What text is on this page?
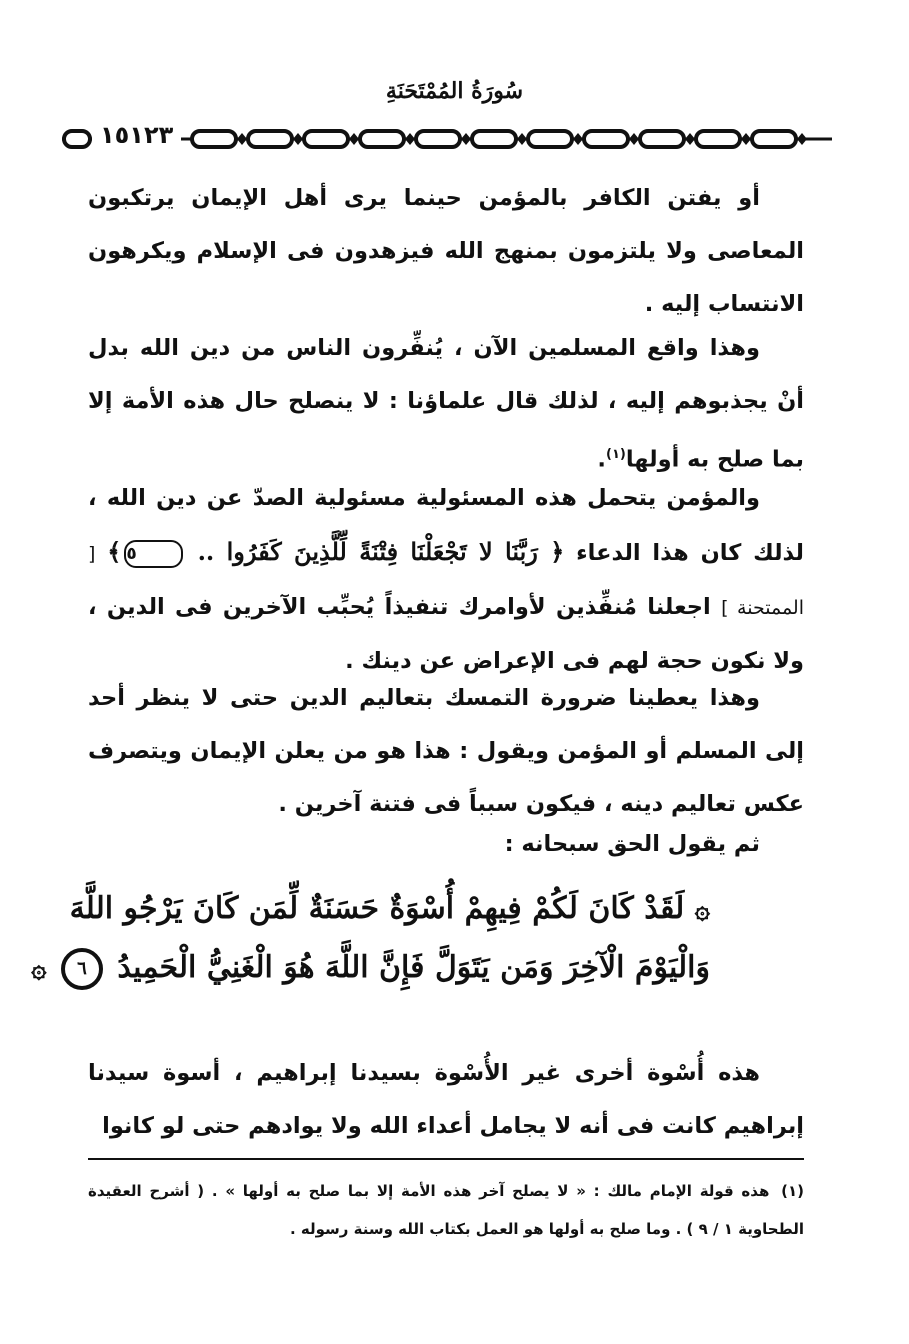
سُورَةُ المُمْتَحَنَةِ
١٥١٢٣

أو يفتن الكافر بالمؤمن حينما يرى أهل الإيمان يرتكبون المعاصى ولا يلتزمون بمنهج الله فيزهدون فى الإسلام ويكرهون الانتساب إليه .

وهذا واقع المسلمين الآن ، يُنفِّرون الناس من دين الله بدل أنْ يجذبوهم إليه ، لذلك قال علماؤنا : لا ينصلح حال هذه الأمة إلا بما صلح به أولها$^{(١)}$.

والمؤمن يتحمل هذه المسئولية مسئولية الصدّ عن دين الله ، لذلك كان هذا الدعاء ﴿ رَبَّنَا لا تَجْعَلْنَا فِتْنَةً لِّلَّذِينَ كَفَرُوا .. ٥﴾ [ الممتحنة ] اجعلنا مُنفِّذين لأوامرك تنفيذاً يُحبِّب الآخرين فى الدين ، ولا نكون حجة لهم فى الإعراض عن دينك .

وهذا يعطينا ضرورة التمسك بتعاليم الدين حتى لا ينظر أحد إلى المسلم أو المؤمن ويقول : هذا هو من يعلن الإيمان ويتصرف عكس تعاليم دينه ، فيكون سبباً فى فتنة آخرين .

ثم يقول الحق سبحانه :

۞ لَقَدْ كَانَ لَكُمْ فِيهِمْ أُسْوَةٌ حَسَنَةٌ لِّمَن كَانَ يَرْجُو اللَّهَ
وَالْيَوْمَ الْآخِرَ وَمَن يَتَوَلَّ فَإِنَّ اللَّهَ هُوَ الْغَنِيُّ الْحَمِيدُ ٦ ۞

هذه أُسْوة أخرى غير الأُسْوة بسيدنا إبراهيم ، أسوة سيدنا إبراهيم كانت فى أنه لا يجامل أعداء الله ولا يوادهم حتى لو كانوا

(١) هذه قولة الإمام مالك : « لا يصلح آخر هذه الأمة إلا بما صلح به أولها » . ( أشرح العقيدة الطحاوية ١ / ٩ ) . وما صلح به أولها هو العمل بكتاب الله وسنة رسوله .
